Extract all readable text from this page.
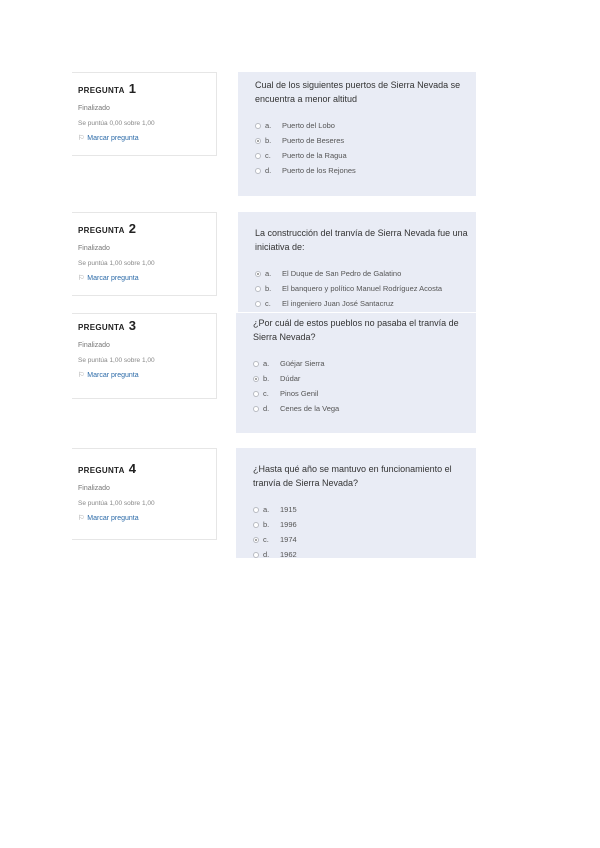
PREGUNTA 1
Finalizado
Se puntúa 0,00 sobre 1,00
⚐ Marcar pregunta
Cual de los siguientes puertos de Sierra Nevada se encuentra a menor altitud
a.	Puerto del Lobo
b.	Puerto de Beseres
c.	Puerto de la Ragua
d.	Puerto de los Rejones
PREGUNTA 2
Finalizado
Se puntúa 1,00 sobre 1,00
⚐ Marcar pregunta
La construcción del tranvía de Sierra Nevada fue una iniciativa de:
a.	El Duque de San Pedro de Galatino
b.	El banquero y político Manuel Rodríguez Acosta
c.	El ingeniero Juan José Santacruz
PREGUNTA 3
Finalizado
Se puntúa 1,00 sobre 1,00
⚐ Marcar pregunta
¿Por cuál de estos pueblos no pasaba el tranvía de Sierra Nevada?
a.	Güéjar Sierra
b.	Dúdar
c.	Pinos Genil
d.	Cenes de la Vega
PREGUNTA 4
Finalizado
Se puntúa 1,00 sobre 1,00
⚐ Marcar pregunta
¿Hasta qué año se mantuvo en funcionamiento el tranvía de Sierra Nevada?
a.	1915
b.	1996
c.	1974
d.	1962
